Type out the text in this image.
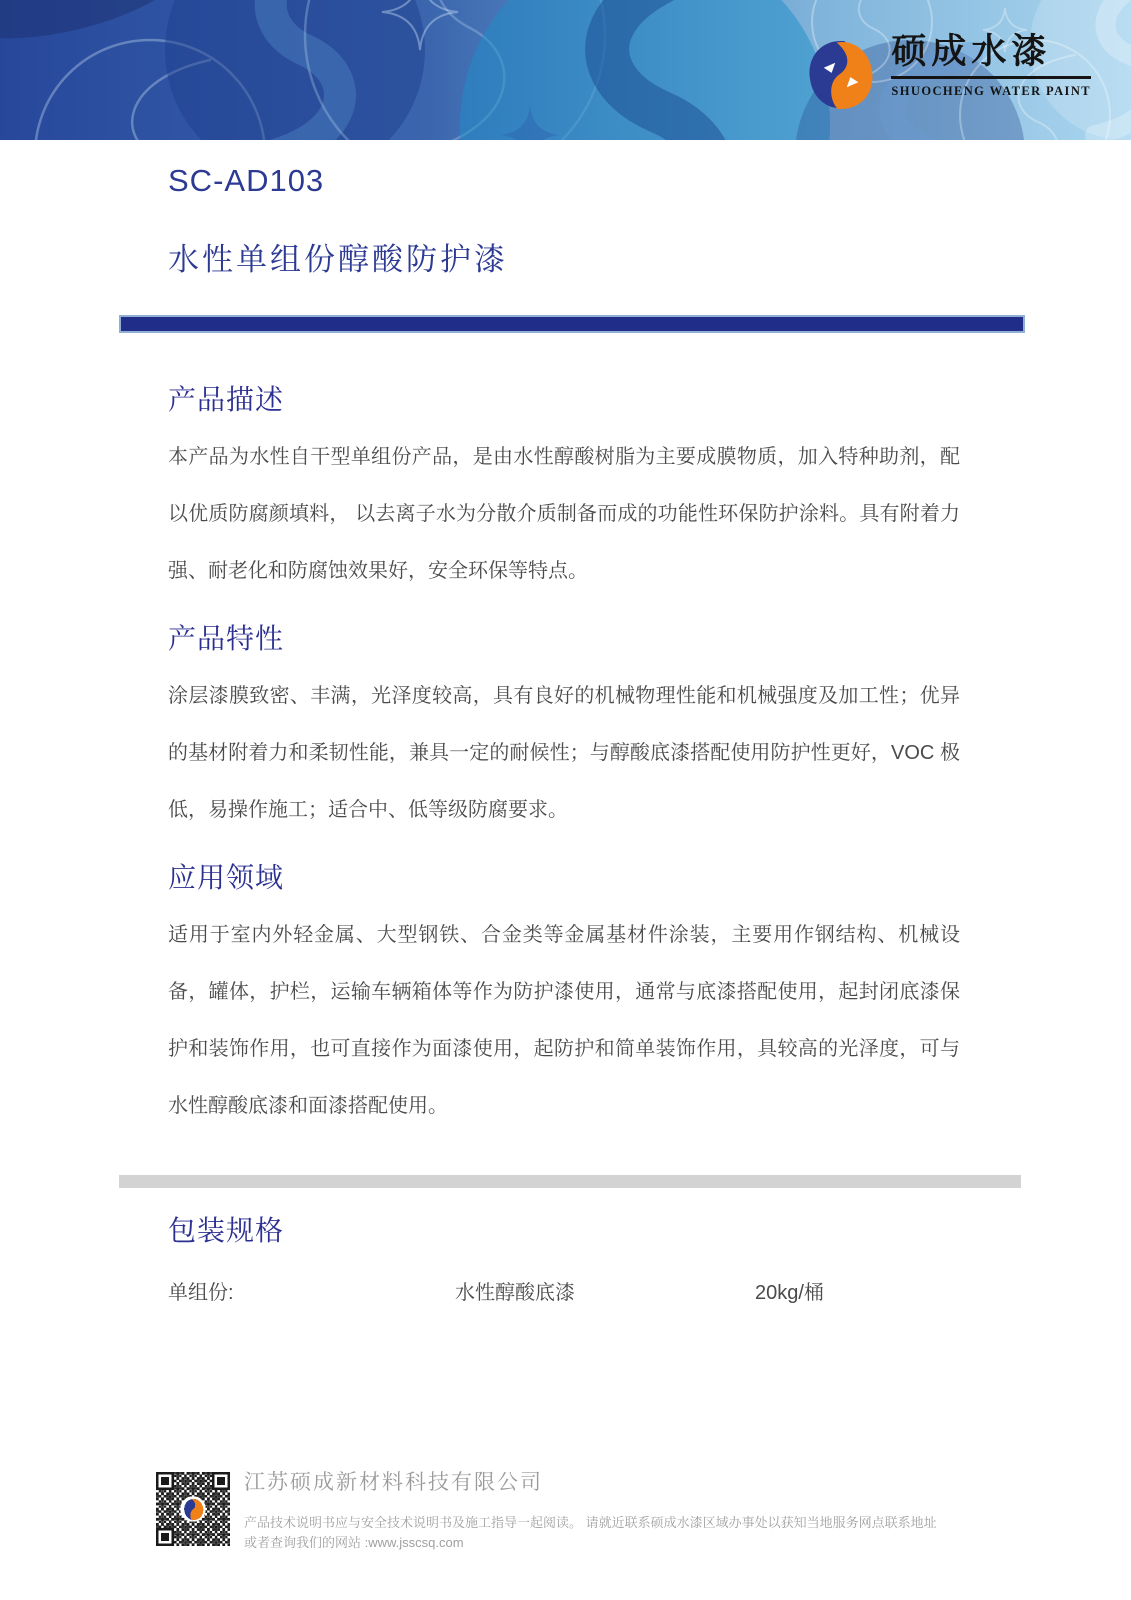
硕成水漆
SHUOCHENG WATER PAINT
SC-AD103
水性单组份醇酸防护漆
产品描述

本产品为水性自干型单组份产品，是由水性醇酸树脂为主要成膜物质，加入特种助剂，配以优质防腐颜填料， 以去离子水为分散介质制备而成的功能性环保防护涂料。具有附着力强、耐老化和防腐蚀效果好，安全环保等特点。

产品特性

涂层漆膜致密、丰满，光泽度较高，具有良好的机械物理性能和机械强度及加工性；优异的基材附着力和柔韧性能，兼具一定的耐候性；与醇酸底漆搭配使用防护性更好，VOC 极低，易操作施工；适合中、低等级防腐要求。

应用领域

适用于室内外轻金属、大型钢铁、合金类等金属基材件涂装，主要用作钢结构、机械设备，罐体，护栏，运输车辆箱体等作为防护漆使用，通常与底漆搭配使用，起封闭底漆保护和装饰作用，也可直接作为面漆使用，起防护和简单装饰作用，具较高的光泽度，可与水性醇酸底漆和面漆搭配使用。

包装规格
单组份:	水性醇酸底漆	20kg/桶
江苏硕成新材料科技有限公司
产品技术说明书应与安全技术说明书及施工指导一起阅读。 请就近联系硕成水漆区域办事处以获知当地服务网点联系地址
或者查询我们的网站 :www.jsscsq.com
